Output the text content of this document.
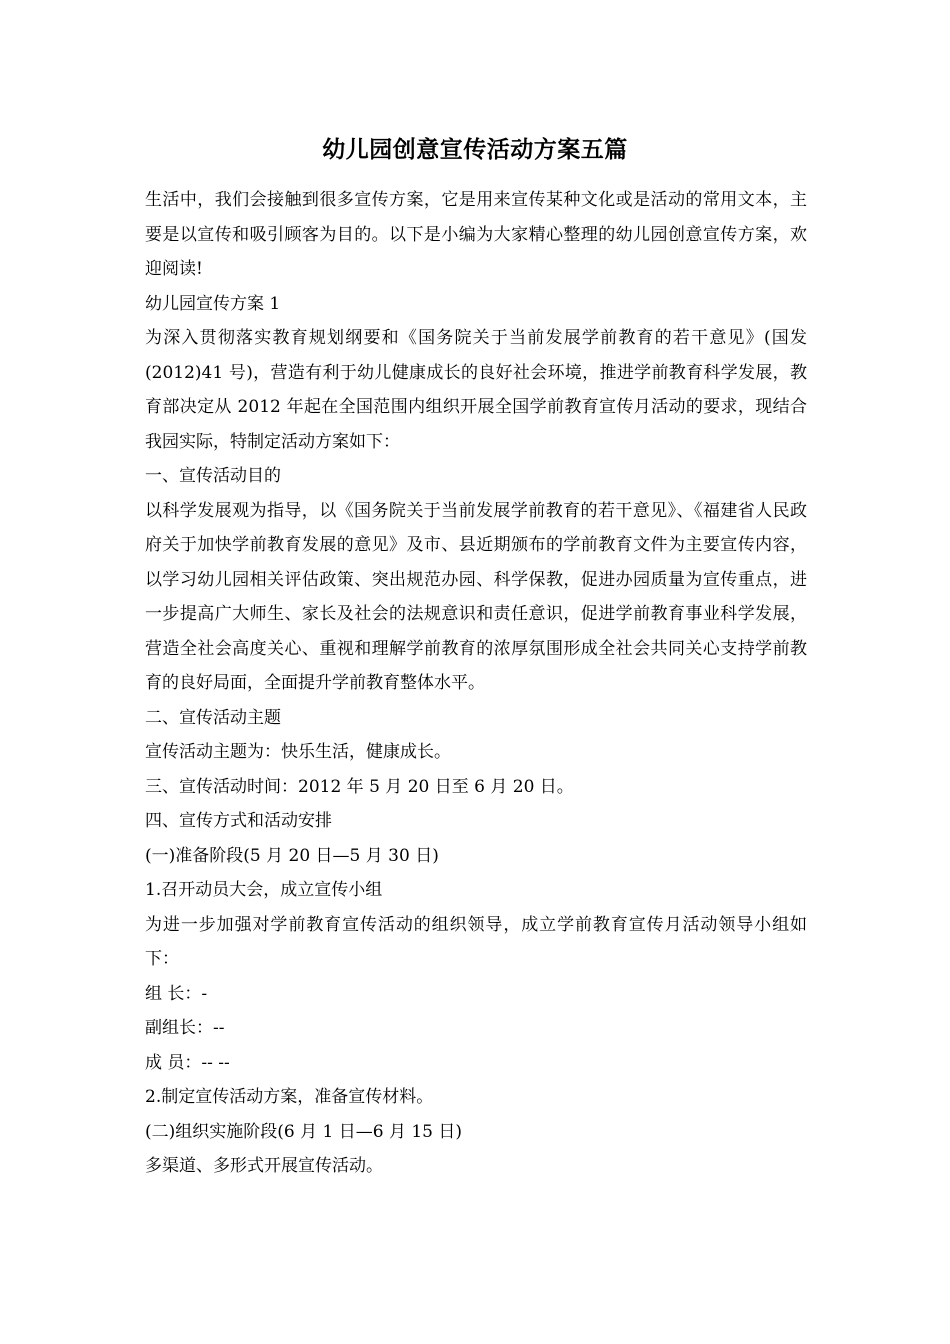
幼儿园创意宣传活动方案五篇

生活中，我们会接触到很多宣传方案，它是用来宣传某种文化或是活动的常用文本，主要是以宣传和吸引顾客为目的。以下是小编为大家精心整理的幼儿园创意宣传方案，欢迎阅读!

幼儿园宣传方案 1

为深入贯彻落实教育规划纲要和《国务院关于当前发展学前教育的若干意见》(国发(2012)41 号)，营造有利于幼儿健康成长的良好社会环境，推进学前教育科学发展，教育部决定从 2012 年起在全国范围内组织开展全国学前教育宣传月活动的要求，现结合我园实际，特制定活动方案如下：

一、宣传活动目的

以科学发展观为指导，以《国务院关于当前发展学前教育的若干意见》、《福建省人民政府关于加快学前教育发展的意见》及市、县近期颁布的学前教育文件为主要宣传内容，以学习幼儿园相关评估政策、突出规范办园、科学保教，促进办园质量为宣传重点，进一步提高广大师生、家长及社会的法规意识和责任意识，促进学前教育事业科学发展，营造全社会高度关心、重视和理解学前教育的浓厚氛围形成全社会共同关心支持学前教育的良好局面，全面提升学前教育整体水平。

二、宣传活动主题

宣传活动主题为：快乐生活，健康成长。

三、宣传活动时间：2012 年 5 月 20 日至 6 月 20 日。

四、宣传方式和活动安排

(一)准备阶段(5 月 20 日—5 月 30 日)

1.召开动员大会，成立宣传小组

为进一步加强对学前教育宣传活动的组织领导，成立学前教育宣传月活动领导小组如下：

组 长：-

副组长：--

成 员：-- --

2.制定宣传活动方案，准备宣传材料。

(二)组织实施阶段(6 月 1 日—6 月 15 日)

多渠道、多形式开展宣传活动。
